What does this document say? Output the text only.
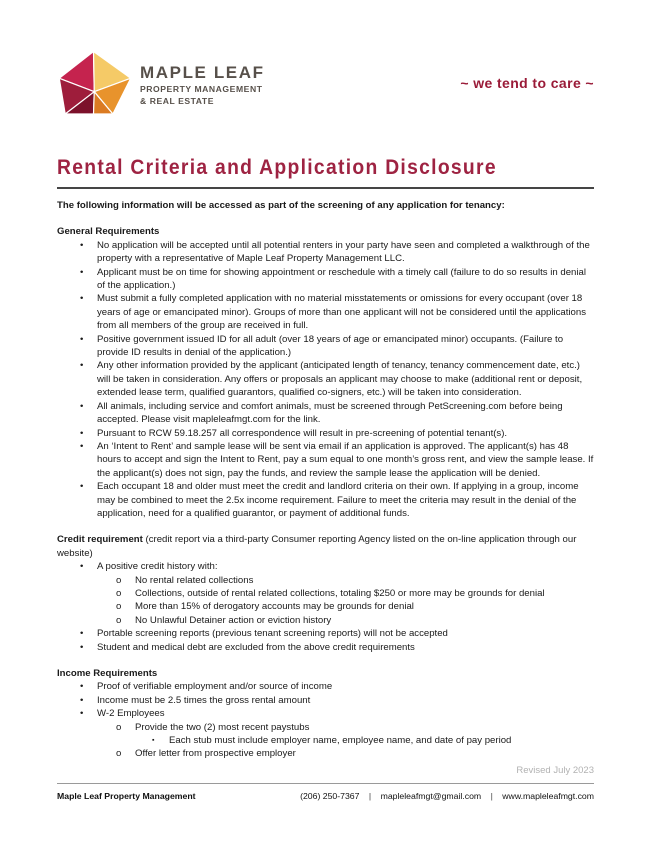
MAPLE LEAF
PROPERTY MANAGEMENT
& REAL ESTATE
~ we tend to care ~
Rental Criteria and Application Disclosure

The following information will be accessed as part of the screening of any application for tenancy:

General Requirements

•	No application will be accepted until all potential renters in your party have seen and completed a walkthrough of the property with a representative of Maple Leaf Property Management LLC.
•	Applicant must be on time for showing appointment or reschedule with a timely call (failure to do so results in denial of the application.)
•	Must submit a fully completed application with no material misstatements or omissions for every occupant (over 18 years of age or emancipated minor). Groups of more than one applicant will not be considered until the applications from all members of the group are received in full.
•	Positive government issued ID for all adult (over 18 years of age or emancipated minor) occupants. (Failure to provide ID results in denial of the application.)
•	Any other information provided by the applicant (anticipated length of tenancy, tenancy commencement date, etc.) will be taken in consideration. Any offers or proposals an applicant may choose to make (additional rent or deposit, extended lease term, qualified guarantors, qualified co-signers, etc.) will be taken into consideration.
•	All animals, including service and comfort animals, must be screened through PetScreening.com before being accepted. Please visit mapleleafmgt.com for the link.
•	Pursuant to RCW 59.18.257 all correspondence will result in pre-screening of potential tenant(s).
•	An ‘Intent to Rent’ and sample lease will be sent via email if an application is approved. The applicant(s) has 48 hours to accept and sign the Intent to Rent, pay a sum equal to one month’s gross rent, and view the sample lease. If the applicant(s) does not sign, pay the funds, and review the sample lease the application will be denied.
•	Each occupant 18 and older must meet the credit and landlord criteria on their own. If applying in a group, income may be combined to meet the 2.5x income requirement. Failure to meet the criteria may result in the denial of the application, need for a qualified guarantor, or payment of additional funds.

Credit requirement (credit report via a third-party Consumer reporting Agency listed on the on-line application through our website)

•	A positive credit history with:
o	No rental related collections
o	Collections, outside of rental related collections, totaling $250 or more may be grounds for denial
o	More than 15% of derogatory accounts may be grounds for denial
o	No Unlawful Detainer action or eviction history
•	Portable screening reports (previous tenant screening reports) will not be accepted
•	Student and medical debt are excluded from the above credit requirements

Income Requirements

•	Proof of verifiable employment and/or source of income
•	Income must be 2.5 times the gross rental amount
•	W-2 Employees
o	Provide the two (2) most recent paystubs
▪	Each stub must include employer name, employee name, and date of pay period
o	Offer letter from prospective employer
Revised July 2023
Maple Leaf Property Management	(206) 250-7367 | mapleleafmgt@gmail.com | www.mapleleafmgt.com
